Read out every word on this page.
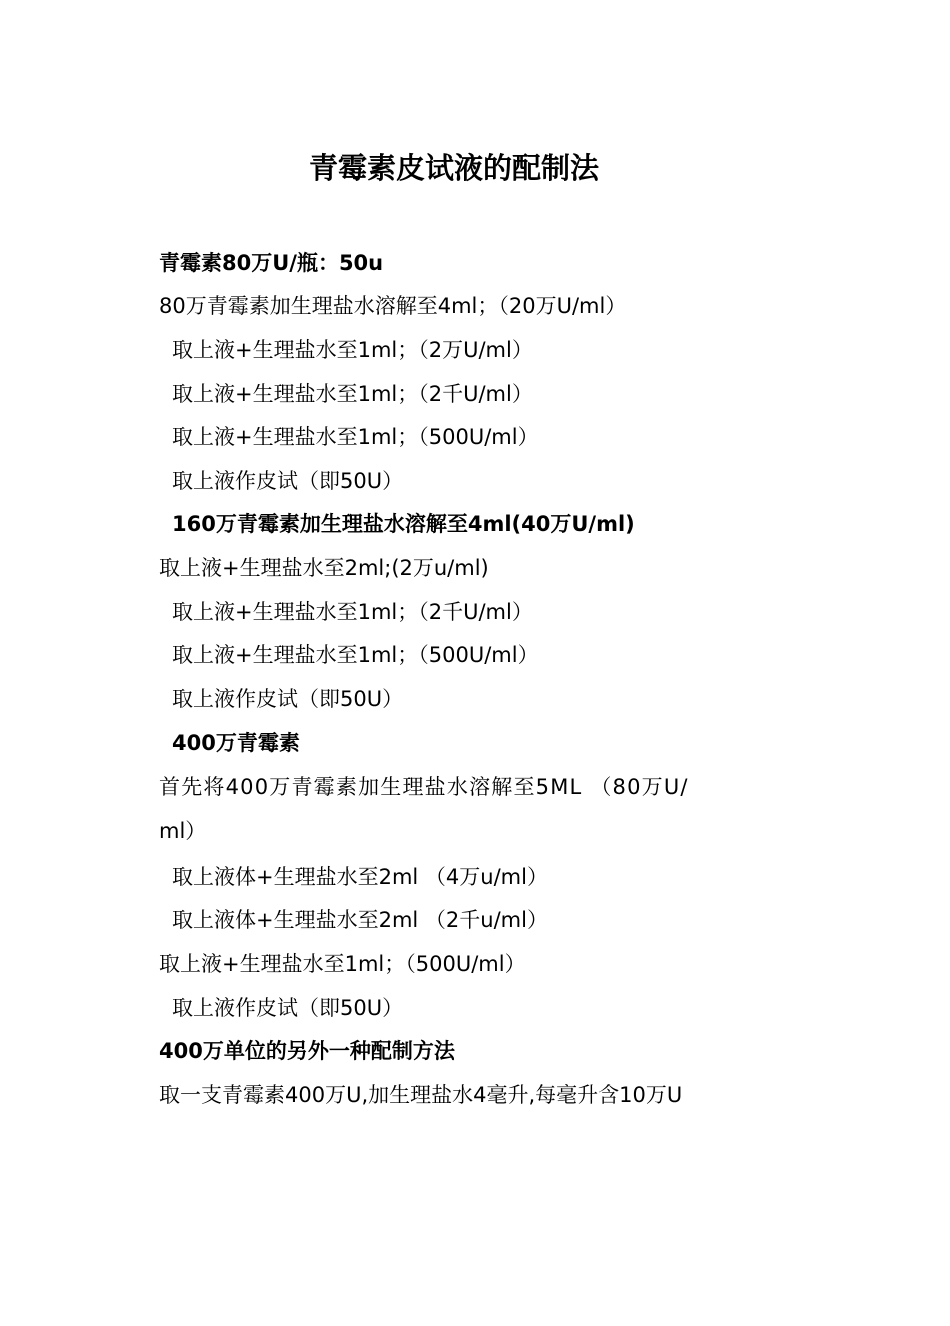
青霉素皮试液的配制法
青霉素80万U/瓶：50u
80万青霉素加生理盐水溶解至4ml；（20万U/ml）
取上液+生理盐水至1ml；（2万U/ml）
取上液+生理盐水至1ml；（2千U/ml）
取上液+生理盐水至1ml；（500U/ml）
取上液作皮试（即50U）
160万青霉素加生理盐水溶解至4ml(40万U/ml)
取上液+生理盐水至2ml;(2万u/ml)
取上液+生理盐水至1ml；（2千U/ml）
取上液+生理盐水至1ml；（500U/ml）
取上液作皮试（即50U）
400万青霉素
首先将400万青霉素加生理盐水溶解至5ML （80万U/
ml）
取上液体+生理盐水至2ml （4万u/ml）
取上液体+生理盐水至2ml （2千u/ml）
取上液+生理盐水至1ml；（500U/ml）
取上液作皮试（即50U）
400万单位的另外一种配制方法
取一支青霉素400万U,加生理盐水4毫升,每毫升含10万U
